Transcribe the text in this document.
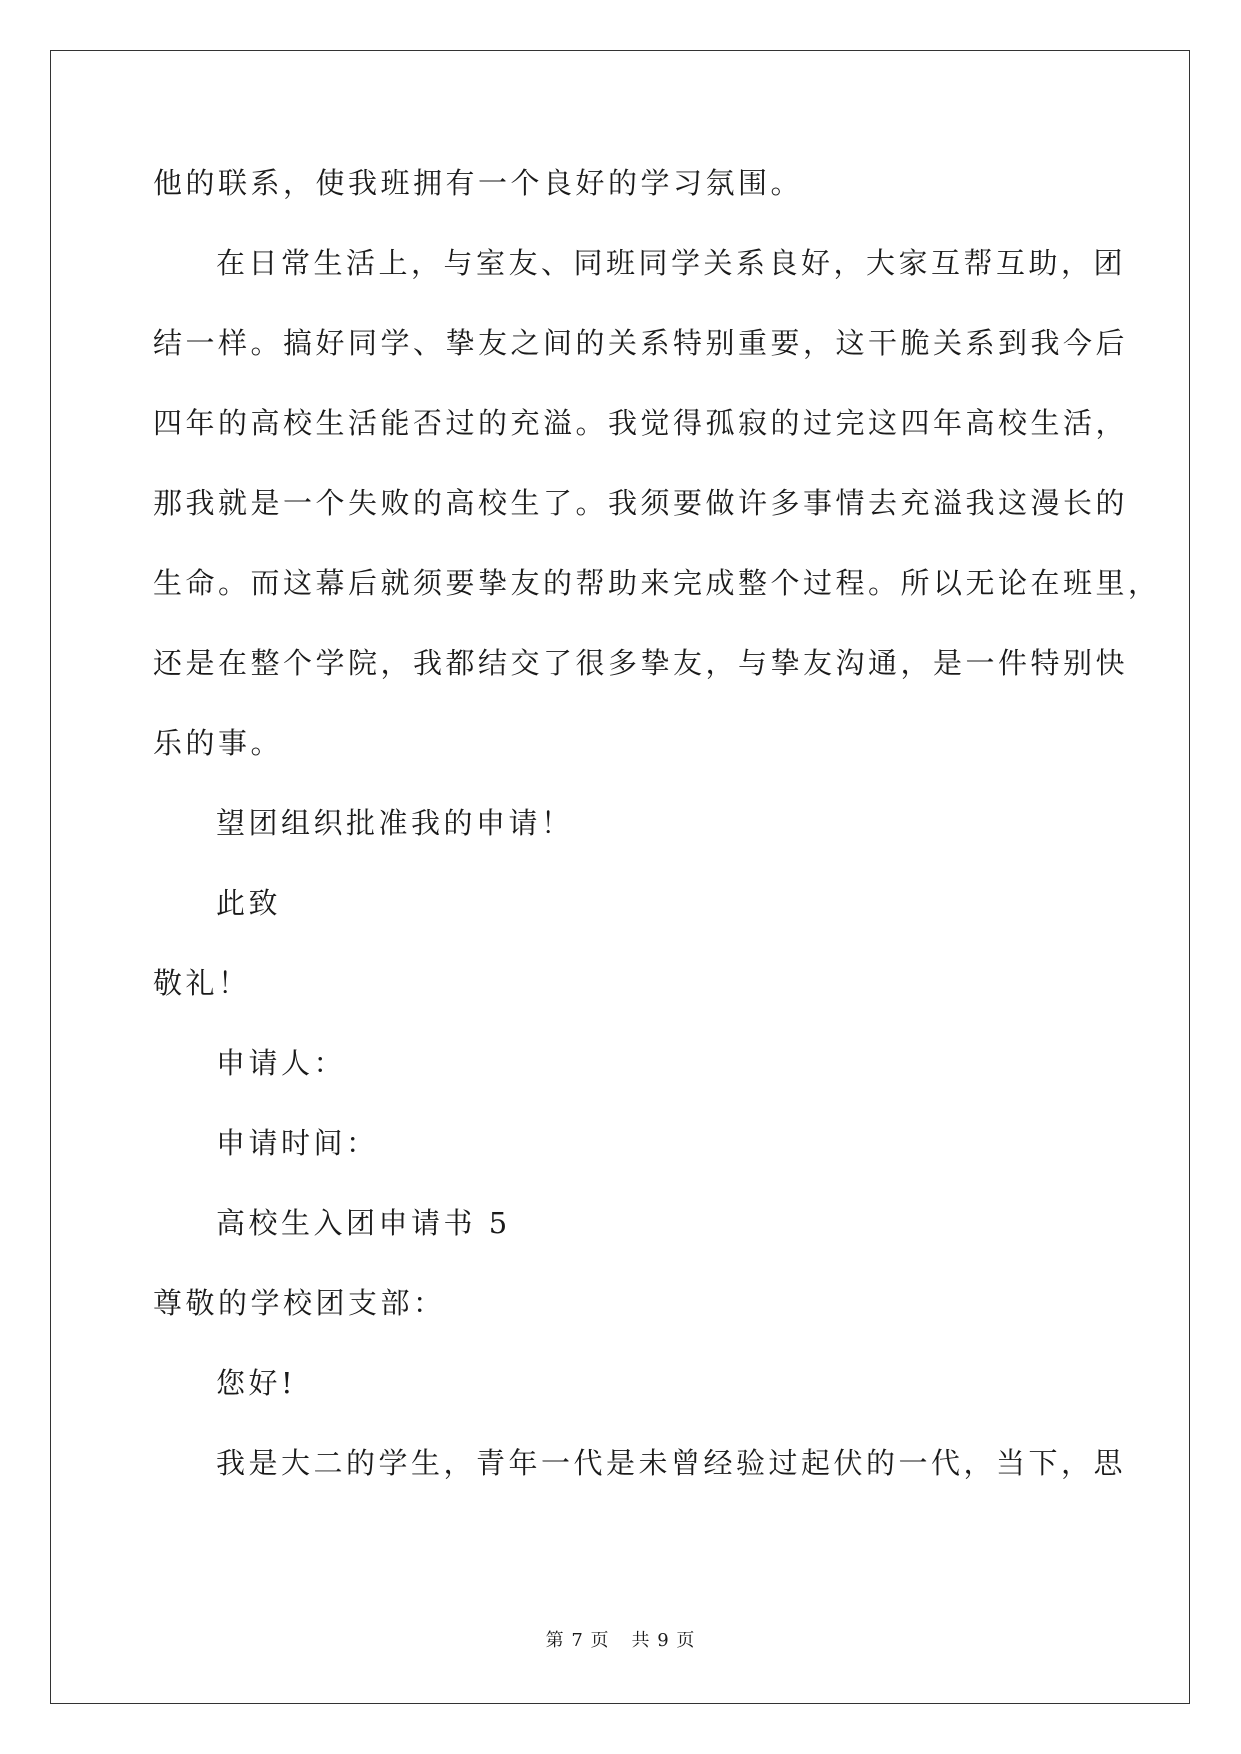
他的联系，使我班拥有一个良好的学习氛围。

在日常生活上，与室友、同班同学关系良好，大家互帮互助，团

结一样。搞好同学、挚友之间的关系特别重要，这干脆关系到我今后

四年的高校生活能否过的充溢。我觉得孤寂的过完这四年高校生活，

那我就是一个失败的高校生了。我须要做许多事情去充溢我这漫长的

生命。而这幕后就须要挚友的帮助来完成整个过程。所以无论在班里，

还是在整个学院，我都结交了很多挚友，与挚友沟通，是一件特别快

乐的事。

望团组织批准我的申请！

此致

敬礼！

申请人：

申请时间：

高校生入团申请书 5

尊敬的学校团支部：

您好!

我是大二的学生，青年一代是未曾经验过起伏的一代，当下，思

第 7 页 共 9 页
